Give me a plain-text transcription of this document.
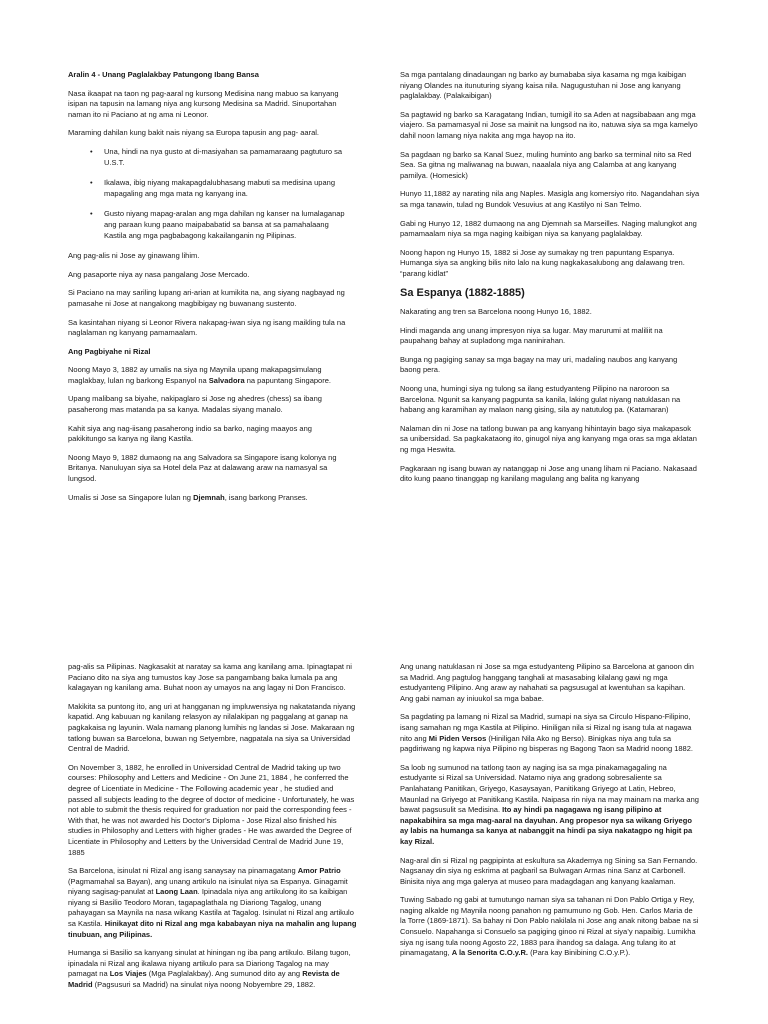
Aralin 4 - Unang Paglalakbay Patungong Ibang Bansa

Nasa ikaapat na taon ng pag-aaral ng kursong Medisina nang mabuo sa kanyang isipan na tapusin na lamang niya ang kursong Medisina sa Madrid. Sinuportahan naman ito ni Paciano at ng ama ni Leonor.

Maraming dahilan kung bakit nais niyang sa Europa tapusin ang pag- aaral.

• Una, hindi na nya gusto at di-masiyahan sa pamamaraang pagtuturo sa U.S.T.
• Ikalawa, ibig niyang makapagdalubhasang mabuti sa medisina upang mapagaling ang mga mata ng kanyang ina.
• Gusto niyang mapag-aralan ang mga dahilan ng kanser na lumalaganap ang paraan kung paano maipababatid sa bansa at sa pamahalaang Kastila ang mga pagbabagong kakailanganin ng Pilipinas.

Ang pag-alis ni Jose ay ginawang lihim.

Ang pasaporte niya ay nasa pangalang Jose Mercado.

Si Paciano na may sariling lupang ari-arian at kumikita na, ang siyang nagbayad ng pamasahe ni Jose at nangakong magbibigay ng buwanang sustento.

Sa kasintahan niyang si Leonor Rivera nakapag-iwan siya ng isang maikling tula na naglalaman ng kanyang pamamaalam.

Ang Pagbiyahe ni Rizal

Noong Mayo 3, 1882 ay umalis na siya ng Maynila upang makapagsimulang maglakbay, lulan ng barkong Espanyol na Salvadora na papuntang Singapore.

Upang malibang sa biyahe, nakipaglaro si Jose ng ahedres (chess) sa ibang pasaherong mas matanda pa sa kanya. Madalas siyang manalo.

Kahit siya ang nag-iisang pasaherong indio sa barko, naging maayos ang pakikitungo sa kanya ng ilang Kastila.

Noong Mayo 9, 1882 dumaong na ang Salvadora sa Singapore isang kolonya ng Britanya. Nanuluyan siya sa Hotel dela Paz at dalawang araw na namasyal sa lungsod.

Umalis si Jose sa Singapore lulan ng Djemnah, isang barkong Pranses.

Sa mga pantalang dinadaungan ng barko ay bumababa siya kasama ng mga kaibigan niyang Olandes na itunuturing siyang kaisa nila. Nagugustuhan ni Jose ang kanyang paglalakbay. (Palakaibigan)

Sa pagtawid ng barko sa Karagatang Indian, tumigil ito sa Aden at nagsibabaan ang mga viajero. Sa pamamasyal ni Jose sa mainit na lungsod na ito, natuwa siya sa mga kamelyo dahil noon lamang niya nakita ang mga hayop na ito.

Sa pagdaan ng barko sa Kanal Suez, muling huminto ang barko sa terminal nito sa Red Sea. Sa gitna ng maliwanag na buwan, naaalala niya ang Calamba at ang kanyang pamilya. (Homesick)

Hunyo 11,1882 ay narating nila ang Naples. Masigla ang komersiyo rito. Nagandahan siya sa mga tanawin, tulad ng Bundok Vesuvius at ang Kastilyo ni San Telmo.

Gabi ng Hunyo 12, 1882 dumaong na ang Djemnah sa Marseilles. Naging malungkot ang pamamaalam niya sa mga naging kaibigan niya sa kanyang paglalakbay.

Noong hapon ng Hunyo 15, 1882 si Jose ay sumakay ng tren papuntang Espanya. Humanga siya sa angking bilis nito lalo na kung nagkakasalubong ang dalawang tren. “parang kidlat”

Sa Espanya (1882-1885)

Nakarating ang tren sa Barcelona noong Hunyo 16, 1882.

Hindi maganda ang unang impresyon niya sa lugar. May marurumi at maliliit na paupahang bahay at supladong mga naninirahan.

Bunga ng pagiging sanay sa mga bagay na may uri, madaling naubos ang kanyang baong pera.

Noong una, humingi siya ng tulong sa ilang estudyanteng Pilipino na naroroon sa Barcelona. Ngunit sa kanyang pagpunta sa kanila, laking gulat niyang natuklasan na habang ang karamihan ay malaon nang gising, sila ay natutulog pa. (Katamaran)

Nalaman din ni Jose na tatlong buwan pa ang kanyang hihintayin bago siya makapasok sa unibersidad. Sa pagkakataong ito, ginugol niya ang kanyang mga oras sa mga aklatan ng mga Heswita.

Pagkaraan ng isang buwan ay natanggap ni Jose ang unang liham ni Paciano. Nakasaad dito kung paano tinanggap ng kanilang magulang ang balita ng kanyang

pag-alis sa Pilipinas. Nagkasakit at naratay sa kama ang kanilang ama. Ipinagtapat ni Paciano dito na siya ang tumustos kay Jose sa pangambang baka lumala pa ang kalagayan ng kanilang ama. Buhat noon ay umayos na ang lagay ni Don Francisco.

Makikita sa puntong ito, ang uri at hangganan ng impluwensiya ng nakatatanda niyang kapatid. Ang kabuuan ng kanilang relasyon ay nilalakipan ng paggalang at ganap na pagkakaisa ng layunin. Wala namang planong lumihis ng landas si Jose. Makaraan ng tatlong buwan sa Barcelona, buwan ng Setyembre, nagpatala na siya sa Universidad Central de Madrid.

On November 3, 1882, he enrolled in Universidad Central de Madrid taking up two courses: Philosophy and Letters and Medicine - On June 21, 1884 , he conferred the degree of Licentiate in Medicine - The Following academic year , he studied and passed all subjects leading to the degree of doctor of medicine - Unfortunately, he was not able to submit the thesis required for graduation nor paid the corresponding fees - With that, he was not awarded his Doctor’s Diploma - Jose Rizal also finished his studies in Philosophy and Letters with higher grades - He was awarded the Degree of Licentiate in Philosophy and Letters by the Universidad Central de Madrid June 19, 1885

Sa Barcelona, isinulat ni Rizal ang isang sanaysay na pinamagatang Amor Patrio (Pagmamahal sa Bayan), ang unang artikulo na isinulat niya sa Espanya. Ginagamit niyang sagisag-panulat at Laong Laan. Ipinadala niya ang artikulong ito sa kaibigan niyang si Basilio Teodoro Moran, tagapaglathala ng Diariong Tagalog, unang pahayagan sa Maynila na nasa wikang Kastila at Tagalog. Isinulat ni Rizal ang artikulo sa Kastila. Hinikayat dito ni Rizal ang mga kababayan niya na mahalin ang lupang tinubuan, ang Pilipinas.

Humanga si Basilio sa kanyang sinulat at hiningan ng iba pang artikulo. Bilang tugon, ipinadala ni Rizal ang ikalawa niyang artikulo para sa Diariong Tagalog na may pamagat na Los Viajes (Mga Paglalakbay). Ang sumunod dito ay ang Revista de Madrid (Pagsusuri sa Madrid) na sinulat niya noong Nobyembre 29, 1882.

Ang unang natuklasan ni Jose sa mga estudyanteng Pilipino sa Barcelona at ganoon din sa Madrid. Ang pagtulog hanggang tanghali at masasabing kilalang gawi ng mga estudyanteng Pilipino. Ang araw ay nahahati sa pagsusugal at kwentuhan sa kapihan. Ang gabi naman ay iniuukol sa mga babae.

Sa pagdating pa lamang ni Rizal sa Madrid, sumapi na siya sa Circulo Hispano-Filipino, isang samahan ng mga Kastila at Pilipino. Hiniligan nila si Rizal ng isang tula at nagawa nito ang Mi Piden Versos (Hiniligan Nila Ako ng Berso). Binigkas niya ang tula sa pagdiriwang ng kapwa niya Pilipino ng bisperas ng Bagong Taon sa Madrid noong 1882.

Sa loob ng sumunod na tatlong taon ay naging isa sa mga pinakamagagaling na estudyante si Rizal sa Universidad. Natamo niya ang gradong sobresaliente sa Panlahatang Panitikan, Griyego, Kasaysayan, Panitikang Griyego at Latin, Hebreo, Maunlad na Griyego at Panitikang Kastila. Naipasa rin niya na may mainam na marka ang bawat pagsusulit sa Medisina. Ito ay hindi pa nagagawa ng isang pilipino at napakabihira sa mga mag-aaral na dayuhan. Ang propesor nya sa wikang Griyego ay labis na humanga sa kanya at nabanggit na hindi pa siya nakatagpo ng higit pa kay Rizal.

Nag-aral din si Rizal ng pagpipinta at eskultura sa Akademya ng Sining sa San Fernando. Nagsanay din siya ng eskrima at pagbaril sa Bulwagan Armas nina Sanz at Carbonell. Binisita niya ang mga galerya at museo para madagdagan ang kanyang kaalaman.

Tuwing Sabado ng gabi at tumutungo naman siya sa tahanan ni Don Pablo Ortiga y Rey, naging alkalde ng Maynila noong panahon ng pamumuno ng Gob. Hen. Carlos Maria de la Torre (1869-1871). Sa bahay ni Don Pablo nakilala ni Jose ang anak nitong babae na si Consuelo. Napahanga si Consuelo sa pagiging ginoo ni Rizal at siya’y napaibig. Lumikha siya ng isang tula noong Agosto 22, 1883 para ihandog sa dalaga. Ang tulang ito at pinamagatang, A la Senorita C.O.y.R. (Para kay Binibining C.O.y.P.).
